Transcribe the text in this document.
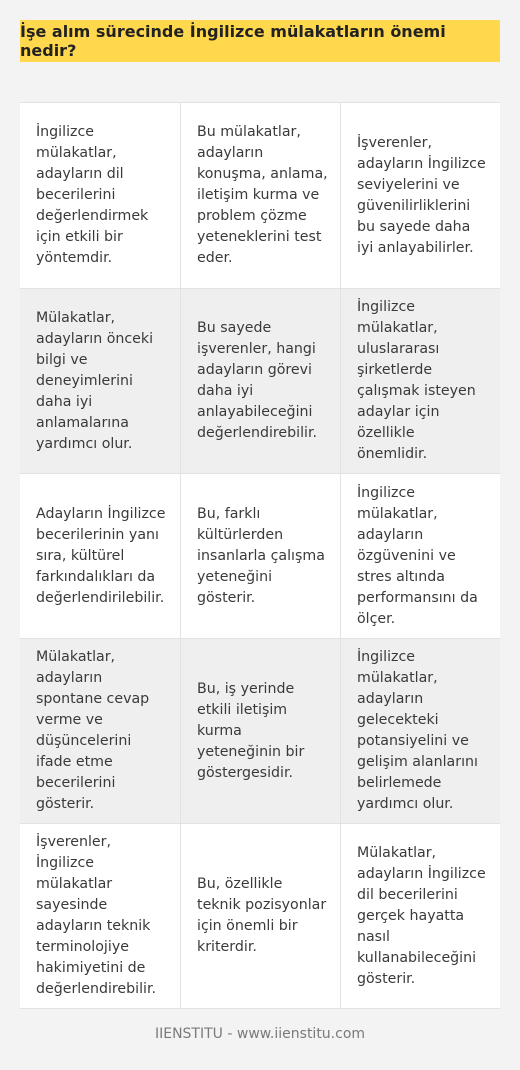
İşe alım sürecinde İngilizce mülakatların önemi nedir?
İngilizce mülakatlar, adayların dil becerilerini değerlendirmek için etkili bir yöntemdir.
Bu mülakatlar, adayların konuşma, anlama, iletişim kurma ve problem çözme yeteneklerini test eder.
İşverenler, adayların İngilizce seviyelerini ve güvenilirliklerini bu sayede daha iyi anlayabilirler.
Mülakatlar, adayların önceki bilgi ve deneyimlerini daha iyi anlamalarına yardımcı olur.
Bu sayede işverenler, hangi adayların görevi daha iyi anlayabileceğini değerlendirebilir.
İngilizce mülakatlar, uluslararası şirketlerde çalışmak isteyen adaylar için özellikle önemlidir.
Adayların İngilizce becerilerinin yanı sıra, kültürel farkındalıkları da değerlendirilebilir.
Bu, farklı kültürlerden insanlarla çalışma yeteneğini gösterir.
İngilizce mülakatlar, adayların özgüvenini ve stres altında performansını da ölçer.
Mülakatlar, adayların spontane cevap verme ve düşüncelerini ifade etme becerilerini gösterir.
Bu, iş yerinde etkili iletişim kurma yeteneğinin bir göstergesidir.
İngilizce mülakatlar, adayların gelecekteki potansiyelini ve gelişim alanlarını belirlemede yardımcı olur.
İşverenler, İngilizce mülakatlar sayesinde adayların teknik terminolojiye hakimiyetini de değerlendirebilir.
Bu, özellikle teknik pozisyonlar için önemli bir kriterdir.
Mülakatlar, adayların İngilizce dil becerilerini gerçek hayatta nasıl kullanabileceğini gösterir.
IIENSTITU - www.iienstitu.com
